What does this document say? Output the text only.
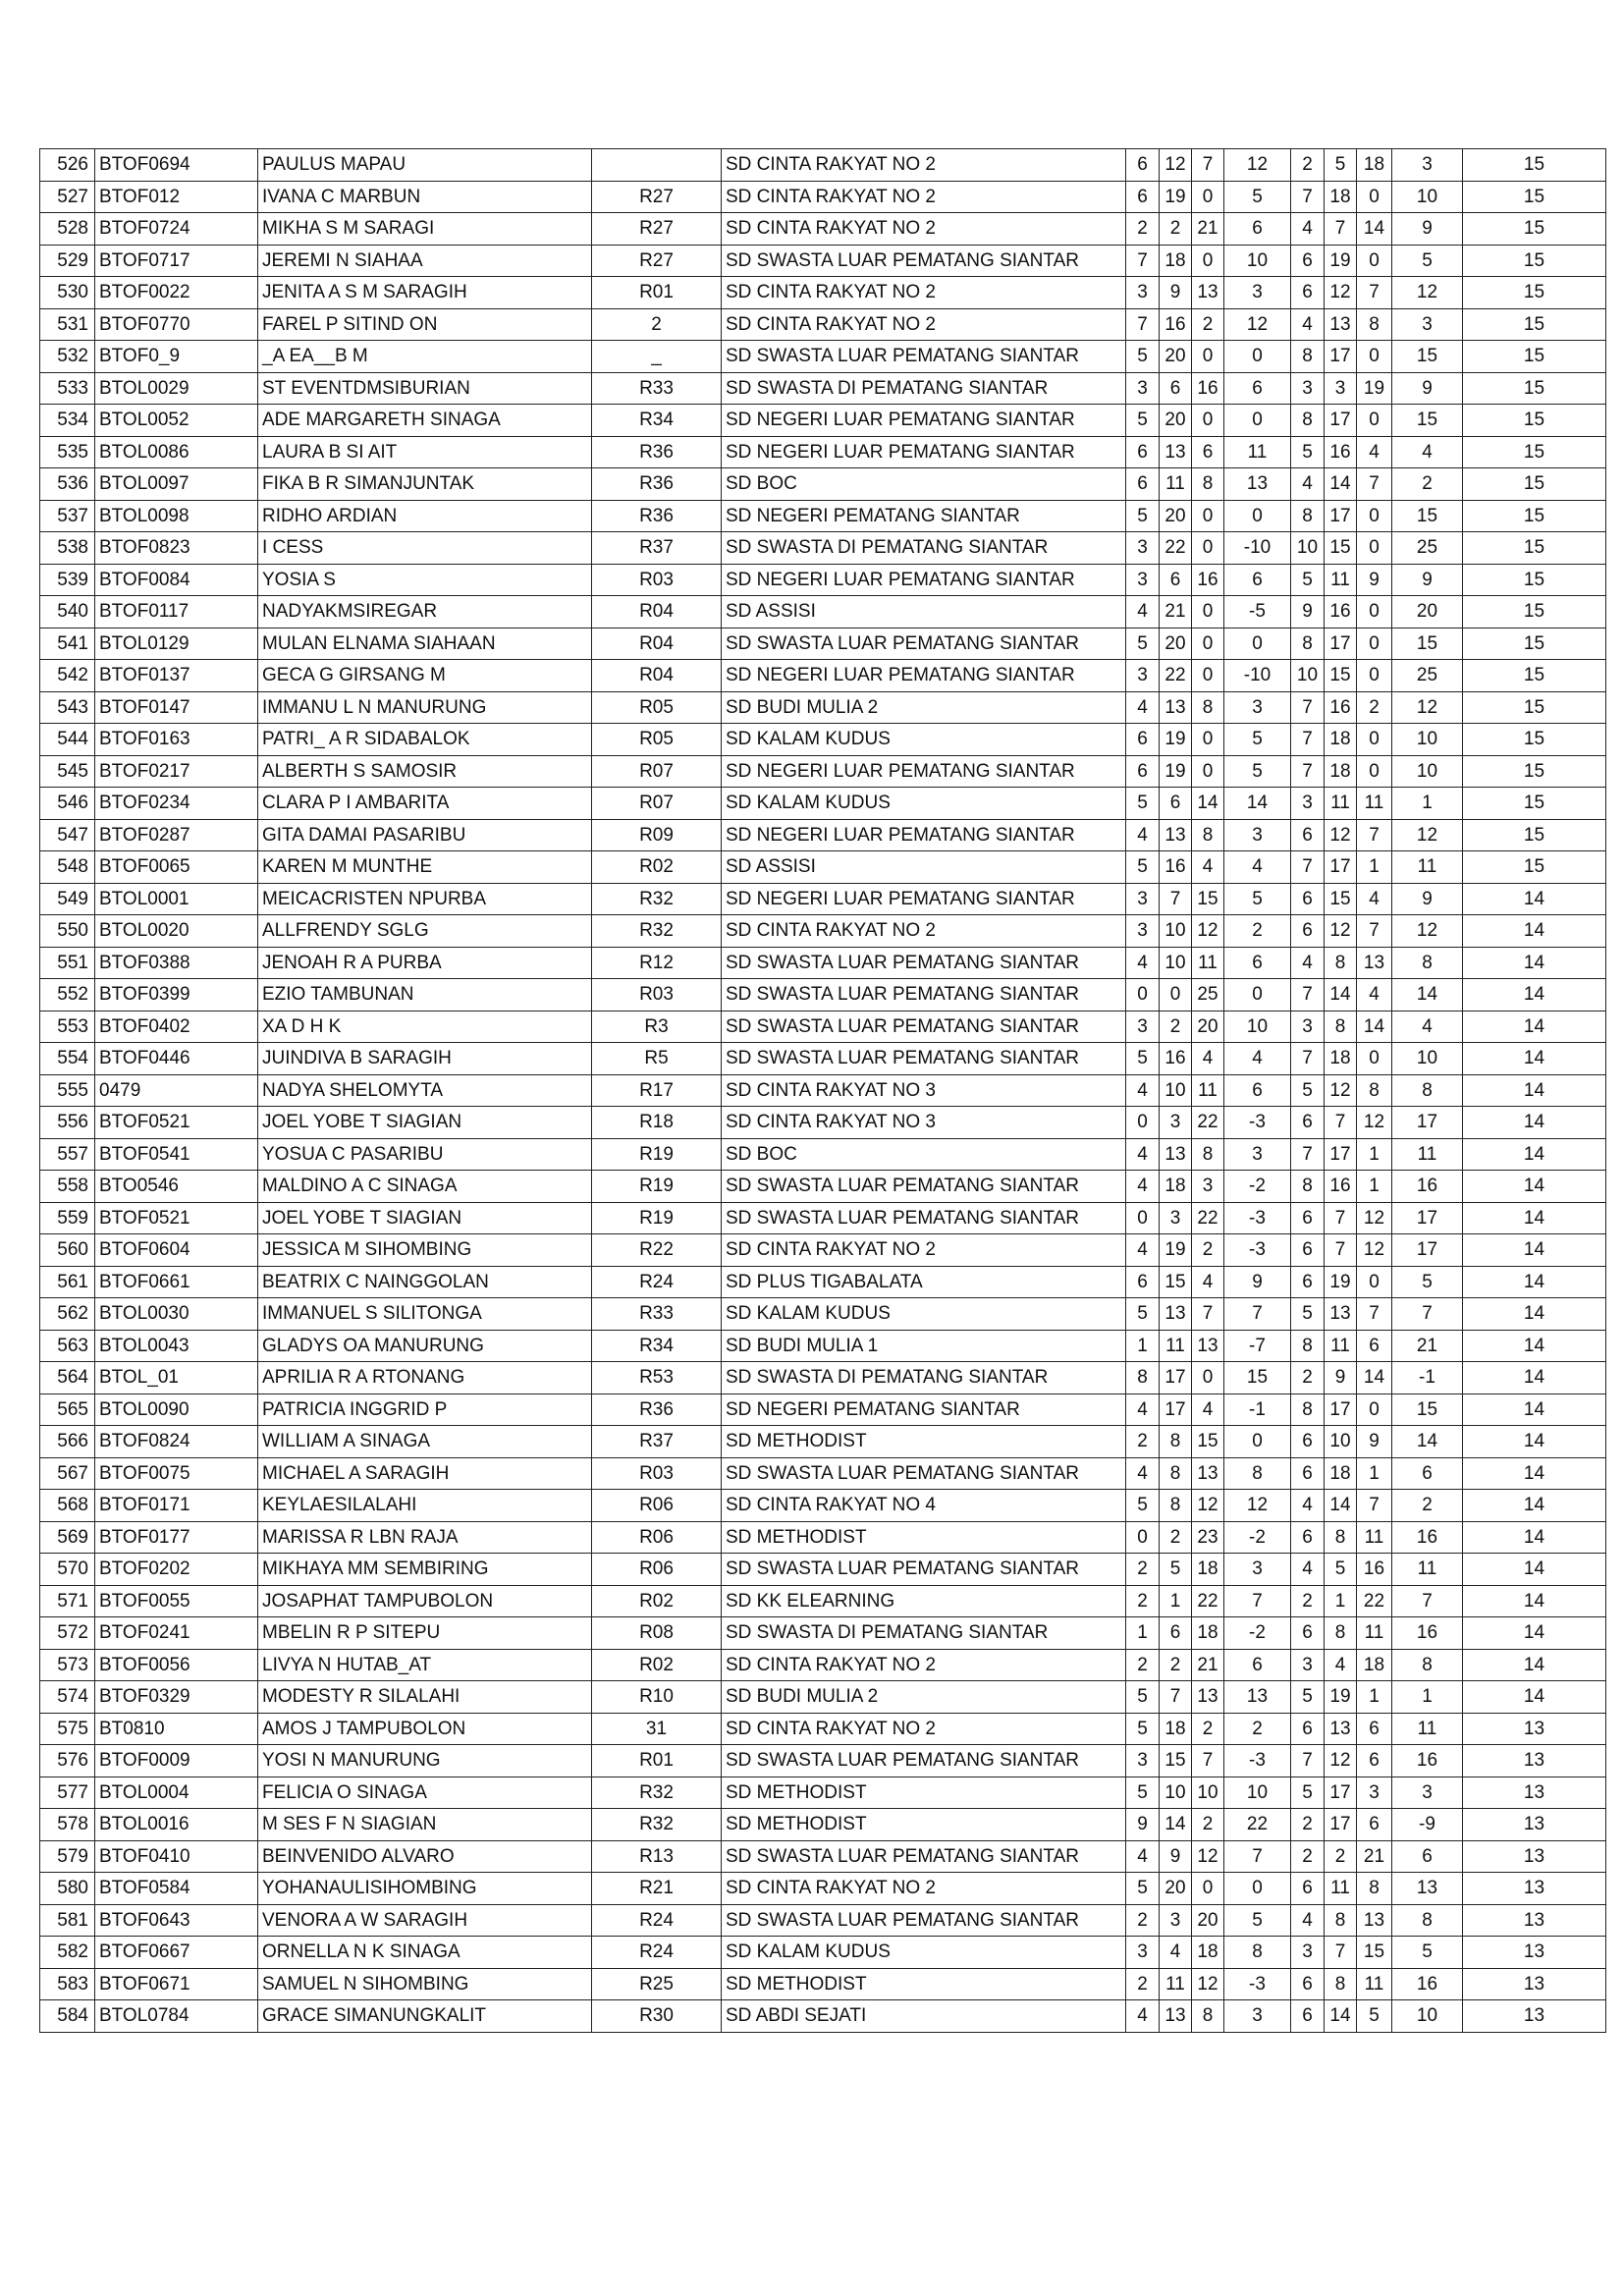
526	BTOF0694	PAULUS MAPAU		SD CINTA RAKYAT NO 2	6	12	7	12	2	5	18	3	15
527	BTOF012	IVANA C MARBUN	R27	SD CINTA RAKYAT NO 2	6	19	0	5	7	18	0	10	15
528	BTOF0724	MIKHA S M SARAGI	R27	SD CINTA RAKYAT NO 2	2	2	21	6	4	7	14	9	15
529	BTOF0717	JEREMI N SIAHAA	R27	SD SWASTA LUAR PEMATANG SIANTAR	7	18	0	10	6	19	0	5	15
530	BTOF0022	JENITA A S M SARAGIH	R01	SD CINTA RAKYAT NO 2	3	9	13	3	6	12	7	12	15
531	BTOF0770	FAREL P SITIND ON	2	SD CINTA RAKYAT NO 2	7	16	2	12	4	13	8	3	15
532	BTOF0_9	_A EA__B M	_	SD SWASTA LUAR PEMATANG SIANTAR	5	20	0	0	8	17	0	15	15
533	BTOL0029	ST EVENTDMSIBURIAN	R33	SD SWASTA DI PEMATANG SIANTAR	3	6	16	6	3	3	19	9	15
534	BTOL0052	ADE MARGARETH SINAGA	R34	SD NEGERI LUAR PEMATANG SIANTAR	5	20	0	0	8	17	0	15	15
535	BTOL0086	LAURA B SI AIT	R36	SD NEGERI LUAR PEMATANG SIANTAR	6	13	6	11	5	16	4	4	15
536	BTOL0097	FIKA B R SIMANJUNTAK	R36	SD BOC	6	11	8	13	4	14	7	2	15
537	BTOL0098	RIDHO ARDIAN	R36	SD NEGERI PEMATANG SIANTAR	5	20	0	0	8	17	0	15	15
538	BTOF0823	I CESS	R37	SD SWASTA DI PEMATANG SIANTAR	3	22	0	-10	10	15	0	25	15
539	BTOF0084	YOSIA S	R03	SD NEGERI LUAR PEMATANG SIANTAR	3	6	16	6	5	11	9	9	15
540	BTOF0117	NADYAKMSIREGAR	R04	SD ASSISI	4	21	0	-5	9	16	0	20	15
541	BTOL0129	MULAN ELNAMA SIAHAAN	R04	SD SWASTA LUAR PEMATANG SIANTAR	5	20	0	0	8	17	0	15	15
542	BTOF0137	GECA G GIRSANG M	R04	SD NEGERI LUAR PEMATANG SIANTAR	3	22	0	-10	10	15	0	25	15
543	BTOF0147	IMMANU L N MANURUNG	R05	SD BUDI MULIA 2	4	13	8	3	7	16	2	12	15
544	BTOF0163	PATRI_ A R SIDABALOK	R05	SD KALAM KUDUS	6	19	0	5	7	18	0	10	15
545	BTOF0217	ALBERTH S SAMOSIR	R07	SD NEGERI LUAR PEMATANG SIANTAR	6	19	0	5	7	18	0	10	15
546	BTOF0234	CLARA P I AMBARITA	R07	SD KALAM KUDUS	5	6	14	14	3	11	11	1	15
547	BTOF0287	GITA DAMAI PASARIBU	R09	SD NEGERI LUAR PEMATANG SIANTAR	4	13	8	3	6	12	7	12	15
548	BTOF0065	KAREN M MUNTHE	R02	SD ASSISI	5	16	4	4	7	17	1	11	15
549	BTOL0001	MEICACRISTEN NPURBA	R32	SD NEGERI LUAR PEMATANG SIANTAR	3	7	15	5	6	15	4	9	14
550	BTOL0020	ALLFRENDY SGLG	R32	SD CINTA RAKYAT NO 2	3	10	12	2	6	12	7	12	14
551	BTOF0388	JENOAH R A PURBA	R12	SD SWASTA LUAR PEMATANG SIANTAR	4	10	11	6	4	8	13	8	14
552	BTOF0399	EZIO TAMBUNAN	R03	SD SWASTA LUAR PEMATANG SIANTAR	0	0	25	0	7	14	4	14	14
553	BTOF0402	XA D H K	R3	SD SWASTA LUAR PEMATANG SIANTAR	3	2	20	10	3	8	14	4	14
554	BTOF0446	JUINDIVA B SARAGIH	R5	SD SWASTA LUAR PEMATANG SIANTAR	5	16	4	4	7	18	0	10	14
555	0479	NADYA SHELOMYTA	R17	SD CINTA RAKYAT NO 3	4	10	11	6	5	12	8	8	14
556	BTOF0521	JOEL YOBE T SIAGIAN	R18	SD CINTA RAKYAT NO 3	0	3	22	-3	6	7	12	17	14
557	BTOF0541	YOSUA C PASARIBU	R19	SD BOC	4	13	8	3	7	17	1	11	14
558	BTO0546	MALDINO A C SINAGA	R19	SD SWASTA LUAR PEMATANG SIANTAR	4	18	3	-2	8	16	1	16	14
559	BTOF0521	JOEL YOBE T SIAGIAN	R19	SD SWASTA LUAR PEMATANG SIANTAR	0	3	22	-3	6	7	12	17	14
560	BTOF0604	JESSICA M SIHOMBING	R22	SD CINTA RAKYAT NO 2	4	19	2	-3	6	7	12	17	14
561	BTOF0661	BEATRIX C NAINGGOLAN	R24	SD PLUS TIGABALATA	6	15	4	9	6	19	0	5	14
562	BTOL0030	IMMANUEL S SILITONGA	R33	SD KALAM KUDUS	5	13	7	7	5	13	7	7	14
563	BTOL0043	GLADYS OA MANURUNG	R34	SD BUDI MULIA 1	1	11	13	-7	8	11	6	21	14
564	BTOL_01	APRILIA R A RTONANG	R53	SD SWASTA DI PEMATANG SIANTAR	8	17	0	15	2	9	14	-1	14
565	BTOL0090	PATRICIA INGGRID P	R36	SD NEGERI PEMATANG SIANTAR	4	17	4	-1	8	17	0	15	14
566	BTOF0824	WILLIAM A SINAGA	R37	SD METHODIST	2	8	15	0	6	10	9	14	14
567	BTOF0075	MICHAEL A SARAGIH	R03	SD SWASTA LUAR PEMATANG SIANTAR	4	8	13	8	6	18	1	6	14
568	BTOF0171	KEYLAESILALAHI	R06	SD CINTA RAKYAT NO 4	5	8	12	12	4	14	7	2	14
569	BTOF0177	MARISSA R LBN RAJA	R06	SD METHODIST	0	2	23	-2	6	8	11	16	14
570	BTOF0202	MIKHAYA MM SEMBIRING	R06	SD SWASTA LUAR PEMATANG SIANTAR	2	5	18	3	4	5	16	11	14
571	BTOF0055	JOSAPHAT TAMPUBOLON	R02	SD KK ELEARNING	2	1	22	7	2	1	22	7	14
572	BTOF0241	MBELIN R P SITEPU	R08	SD SWASTA DI PEMATANG SIANTAR	1	6	18	-2	6	8	11	16	14
573	BTOF0056	LIVYA N HUTAB_AT	R02	SD CINTA RAKYAT NO 2	2	2	21	6	3	4	18	8	14
574	BTOF0329	MODESTY R SILALAHI	R10	SD BUDI MULIA 2	5	7	13	13	5	19	1	1	14
575	BT0810	AMOS J TAMPUBOLON	31	SD CINTA RAKYAT NO 2	5	18	2	2	6	13	6	11	13
576	BTOF0009	YOSI N MANURUNG	R01	SD SWASTA LUAR PEMATANG SIANTAR	3	15	7	-3	7	12	6	16	13
577	BTOL0004	FELICIA O SINAGA	R32	SD METHODIST	5	10	10	10	5	17	3	3	13
578	BTOL0016	M SES F N SIAGIAN	R32	SD METHODIST	9	14	2	22	2	17	6	-9	13
579	BTOF0410	BEINVENIDO ALVARO	R13	SD SWASTA LUAR PEMATANG SIANTAR	4	9	12	7	2	2	21	6	13
580	BTOF0584	YOHANAULISIHOMBING	R21	SD CINTA RAKYAT NO 2	5	20	0	0	6	11	8	13	13
581	BTOF0643	VENORA A W SARAGIH	R24	SD SWASTA LUAR PEMATANG SIANTAR	2	3	20	5	4	8	13	8	13
582	BTOF0667	ORNELLA N K SINAGA	R24	SD KALAM KUDUS	3	4	18	8	3	7	15	5	13
583	BTOF0671	SAMUEL N SIHOMBING	R25	SD METHODIST	2	11	12	-3	6	8	11	16	13
584	BTOL0784	GRACE SIMANUNGKALIT	R30	SD ABDI SEJATI	4	13	8	3	6	14	5	10	13
